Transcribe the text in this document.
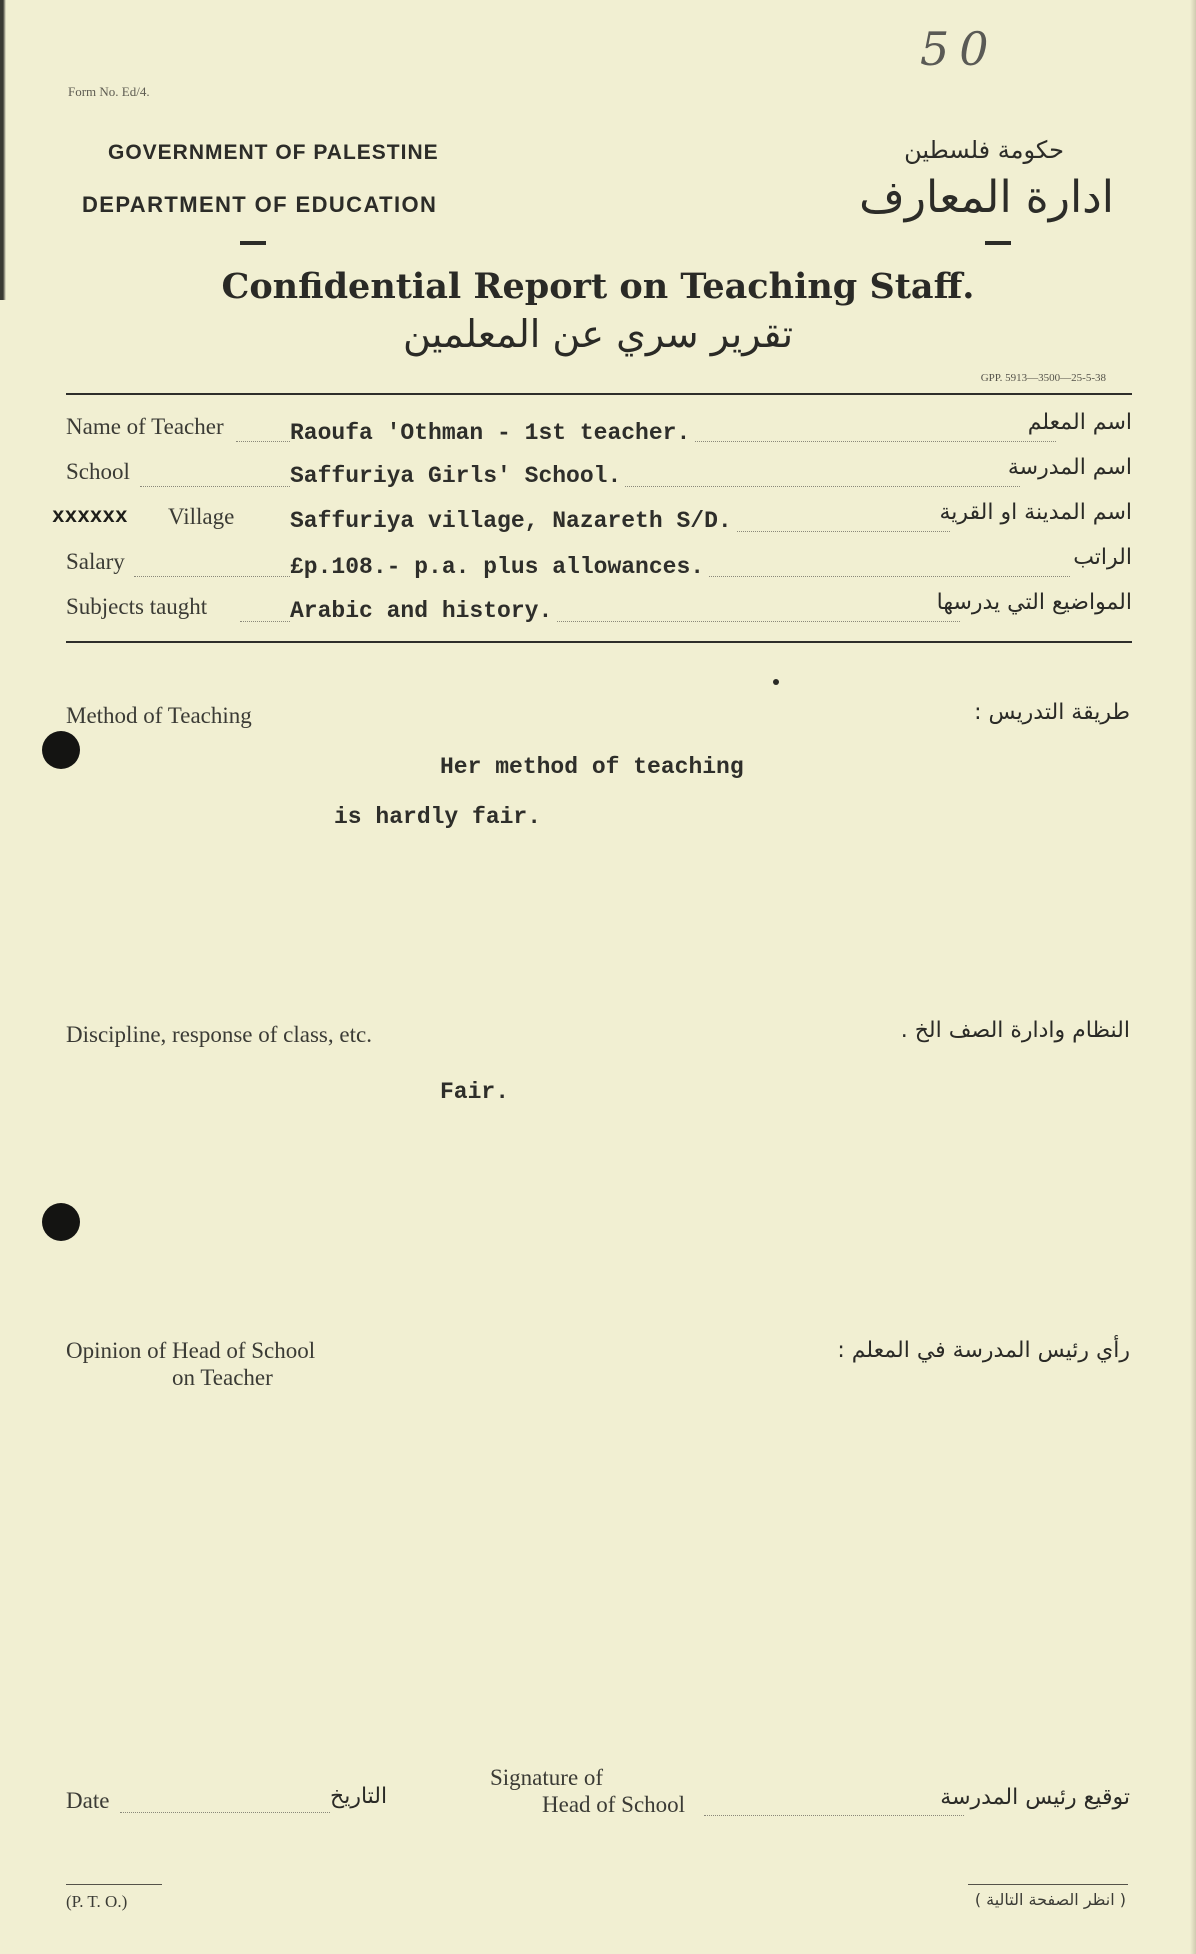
50
Form No. Ed/4.
GOVERNMENT OF PALESTINE
DEPARTMENT OF EDUCATION
حكومة فلسطين
ادارة المعارف
Confidential Report on Teaching Staff.
تقرير سري عن المعلمين
GPP. 5913—3500—25-5-38
Name of Teacher	Raoufa 'Othman - 1st teacher.	اسم المعلم
School	Saffuriya Girls' School.	اسم المدرسة
xxxxxx Village Saffuriya village, Nazareth S/D.	اسم المدينة او القرية
Salary	£p.108.- p.a. plus allowances.	الراتب
Subjects taught	Arabic and history.	المواضيع التي يدرسها
Method of Teaching	طريقة التدريس :
Her method of teaching
is hardly fair.
Discipline, response of class, etc.	النظام وادارة الصف الخ .
Fair.
Opinion of Head of School
on Teacher
رأي رئيس المدرسة في المعلم :
Date	التاريخ
Signature of
Head of School	توقيع رئيس المدرسة
(P. T. O.)	( انظر الصفحة التالية )
